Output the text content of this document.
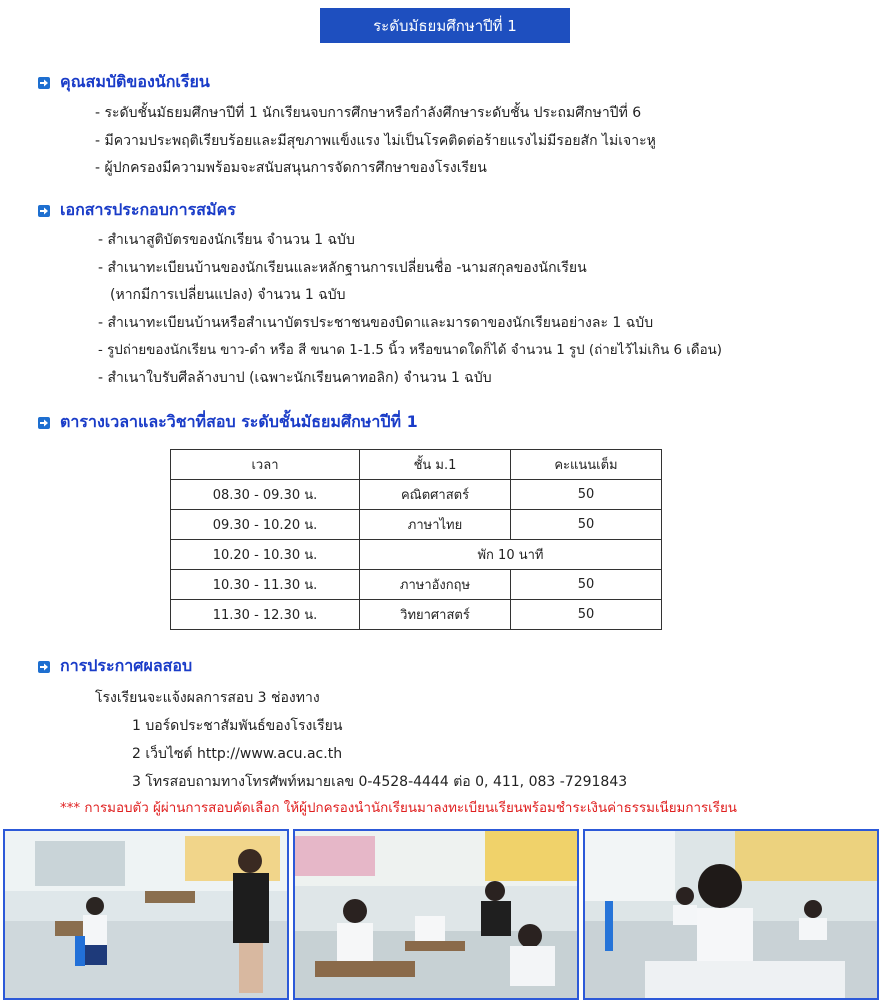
ระดับมัธยมศึกษาปีที่ 1
คุณสมบัติของนักเรียน
- ระดับชั้นมัธยมศึกษาปีที่ 1 นักเรียนจบการศึกษาหรือกำลังศึกษาระดับชั้น ประถมศึกษาปีที่ 6
- มีความประพฤติเรียบร้อยและมีสุขภาพแข็งแรง ไม่เป็นโรคติดต่อร้ายแรงไม่มีรอยสัก ไม่เจาะหู
- ผู้ปกครองมีความพร้อมจะสนับสนุนการจัดการศึกษาของโรงเรียน
เอกสารประกอบการสมัคร
- สำเนาสูติบัตรของนักเรียน จำนวน 1 ฉบับ
- สำเนาทะเบียนบ้านของนักเรียนและหลักฐานการเปลี่ยนชื่อ -นามสกุลของนักเรียน
(หากมีการเปลี่ยนแปลง) จำนวน 1 ฉบับ
- สำเนาทะเบียนบ้านหรือสำเนาบัตรประชาชนของบิดาและมารดาของนักเรียนอย่างละ 1 ฉบับ
- รูปถ่ายของนักเรียน ขาว-ดำ หรือ สี ขนาด 1-1.5 นิ้ว หรือขนาดใดก็ได้ จำนวน 1 รูป (ถ่ายไว้ไม่เกิน 6 เดือน)
- สำเนาใบรับศีลล้างบาป (เฉพาะนักเรียนคาทอลิก) จำนวน 1 ฉบับ
ตารางเวลาและวิชาที่สอบ ระดับชั้นมัธยมศึกษาปีที่ 1
เวลา	ชั้น ม.1	คะแนนเต็ม
08.30 - 09.30 น.	คณิตศาสตร์	50
09.30 - 10.20 น.	ภาษาไทย	50
10.20 - 10.30 น.	พัก 10 นาที	
10.30 - 11.30 น.	ภาษาอังกฤษ	50
11.30 - 12.30 น.	วิทยาศาสตร์	50
การประกาศผลสอบ
โรงเรียนจะแจ้งผลการสอบ 3 ช่องทาง
1 บอร์ดประชาสัมพันธ์ของโรงเรียน
2 เว็บไซต์ http://www.acu.ac.th
3 โทรสอบถามทางโทรศัพท์หมายเลข 0-4528-4444 ต่อ 0, 411, 083 -7291843
*** การมอบตัว ผู้ผ่านการสอบคัดเลือก ให้ผู้ปกครองนำนักเรียนมาลงทะเบียนเรียนพร้อมชำระเงินค่าธรรมเนียมการเรียน
